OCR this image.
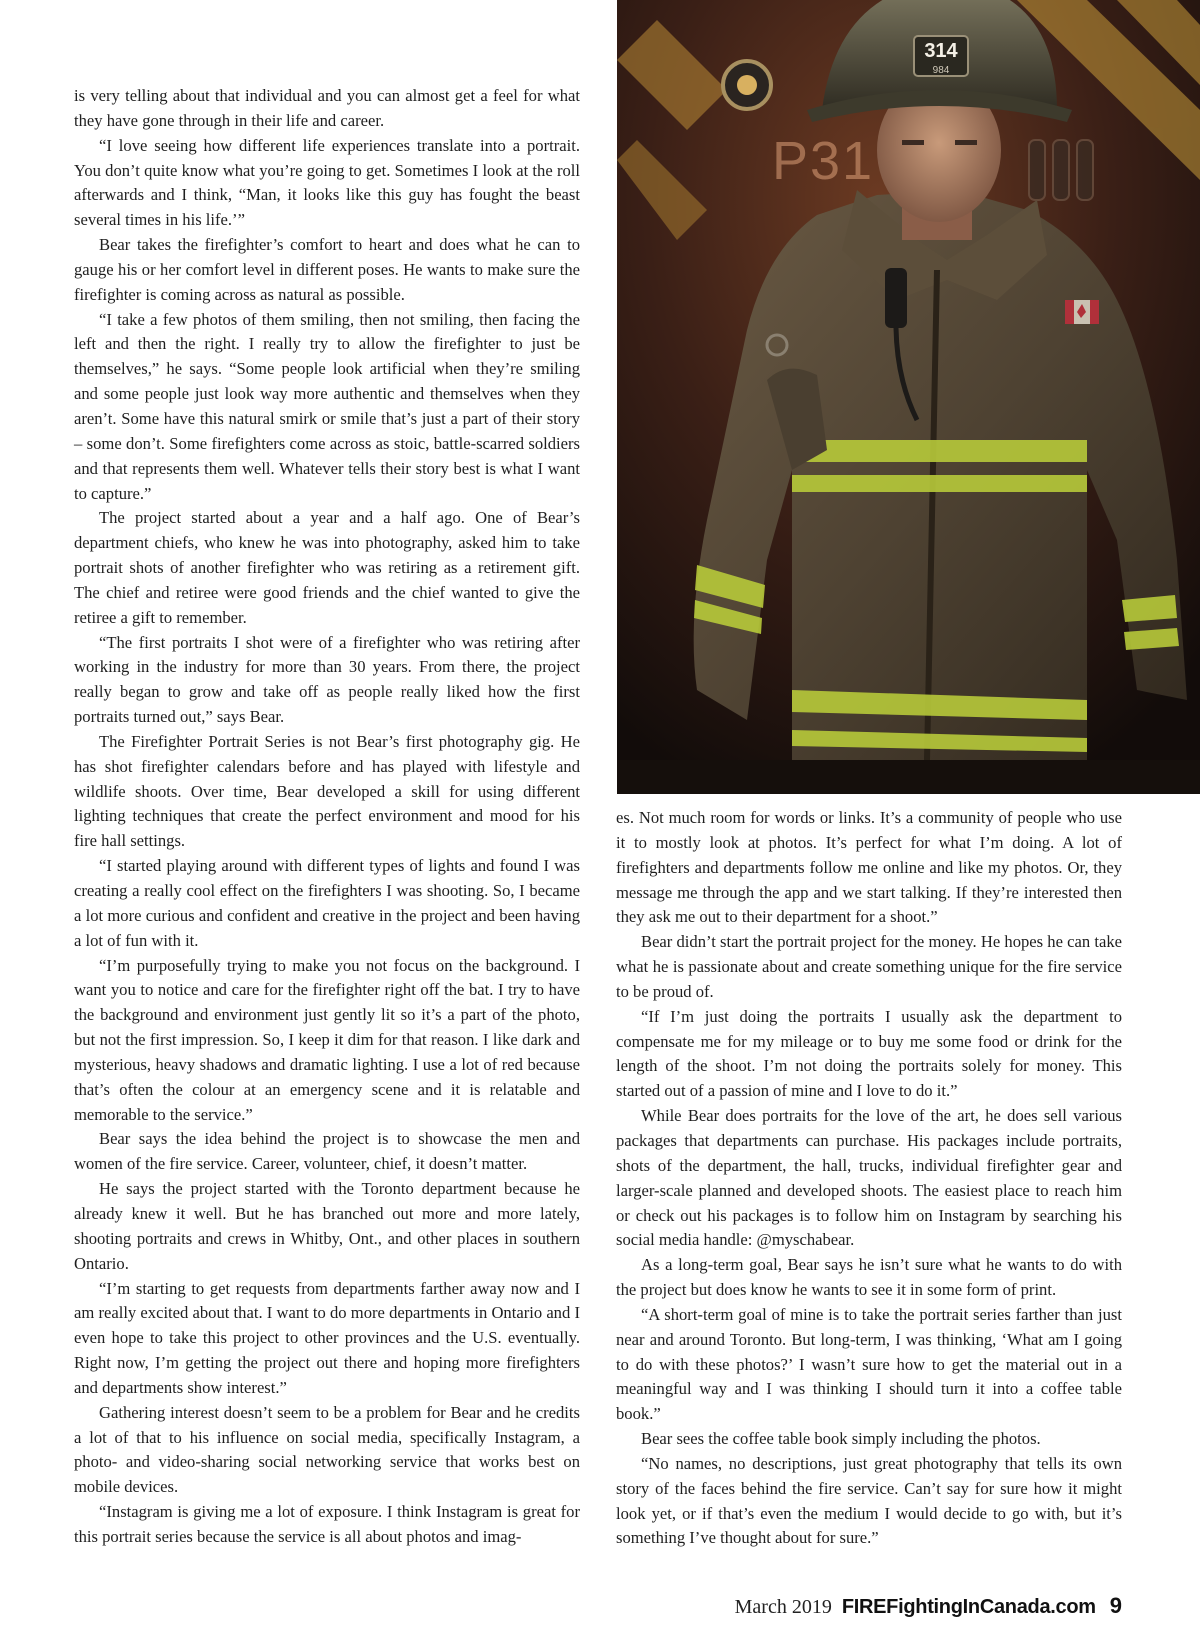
is very telling about that individual and you can almost get a feel for what they have gone through in their life and career.

“I love seeing how different life experiences translate into a portrait. You don’t quite know what you’re going to get. Sometimes I look at the roll afterwards and I think, “Man, it looks like this guy has fought the beast several times in his life.’”

Bear takes the firefighter’s comfort to heart and does what he can to gauge his or her comfort level in different poses. He wants to make sure the firefighter is coming across as natural as possible.

“I take a few photos of them smiling, then not smiling, then facing the left and then the right. I really try to allow the firefighter to just be themselves,” he says. “Some people look artificial when they’re smiling and some people just look way more authentic and themselves when they aren’t. Some have this natural smirk or smile that’s just a part of their story – some don’t. Some firefighters come across as stoic, battle-scarred soldiers and that represents them well. Whatever tells their story best is what I want to capture.”

The project started about a year and a half ago. One of Bear’s department chiefs, who knew he was into photography, asked him to take portrait shots of another firefighter who was retiring as a retirement gift. The chief and retiree were good friends and the chief wanted to give the retiree a gift to remember.

“The first portraits I shot were of a firefighter who was retiring after working in the industry for more than 30 years. From there, the project really began to grow and take off as people really liked how the first portraits turned out,” says Bear.

The Firefighter Portrait Series is not Bear’s first photography gig. He has shot firefighter calendars before and has played with lifestyle and wildlife shoots. Over time, Bear developed a skill for using different lighting techniques that create the perfect environment and mood for his fire hall settings.

“I started playing around with different types of lights and found I was creating a really cool effect on the firefighters I was shooting. So, I became a lot more curious and confident and creative in the project and been having a lot of fun with it.

“I’m purposefully trying to make you not focus on the background. I want you to notice and care for the firefighter right off the bat. I try to have the background and environment just gently lit so it’s a part of the photo, but not the first impression. So, I keep it dim for that reason. I like dark and mysterious, heavy shadows and dramatic lighting. I use a lot of red because that’s often the colour at an emergency scene and it is relatable and memorable to the service.”

Bear says the idea behind the project is to showcase the men and women of the fire service. Career, volunteer, chief, it doesn’t matter.

He says the project started with the Toronto department because he already knew it well. But he has branched out more and more lately, shooting portraits and crews in Whitby, Ont., and other places in southern Ontario.

“I’m starting to get requests from departments farther away now and I am really excited about that. I want to do more departments in Ontario and I even hope to take this project to other provinces and the U.S. eventually. Right now, I’m getting the project out there and hoping more firefighters and departments show interest.”

Gathering interest doesn’t seem to be a problem for Bear and he credits a lot of that to his influence on social media, specifically Instagram, a photo- and video-sharing social networking service that works best on mobile devices.

“Instagram is giving me a lot of exposure. I think Instagram is great for this portrait series because the service is all about photos and imag-

314
984
P31

es. Not much room for words or links. It’s a community of people who use it to mostly look at photos. It’s perfect for what I’m doing. A lot of firefighters and departments follow me online and like my photos. Or, they message me through the app and we start talking. If they’re interested then they ask me out to their department for a shoot.”

Bear didn’t start the portrait project for the money. He hopes he can take what he is passionate about and create something unique for the fire service to be proud of.

“If I’m just doing the portraits I usually ask the department to compensate me for my mileage or to buy me some food or drink for the length of the shoot. I’m not doing the portraits solely for money. This started out of a passion of mine and I love to do it.”

While Bear does portraits for the love of the art, he does sell various packages that departments can purchase. His packages include portraits, shots of the department, the hall, trucks, individual firefighter gear and larger-scale planned and developed shoots. The easiest place to reach him or check out his packages is to follow him on Instagram by searching his social media handle: @myschabear.

As a long-term goal, Bear says he isn’t sure what he wants to do with the project but does know he wants to see it in some form of print.

“A short-term goal of mine is to take the portrait series farther than just near and around Toronto. But long-term, I was thinking, ‘What am I going to do with these photos?’ I wasn’t sure how to get the material out in a meaningful way and I was thinking I should turn it into a coffee table book.”

Bear sees the coffee table book simply including the photos.

“No names, no descriptions, just great photography that tells its own story of the faces behind the fire service. Can’t say for sure how it might look yet, or if that’s even the medium I would decide to go with, but it’s something I’ve thought about for sure.”

March 2019 FIREFightingInCanada.com 9
